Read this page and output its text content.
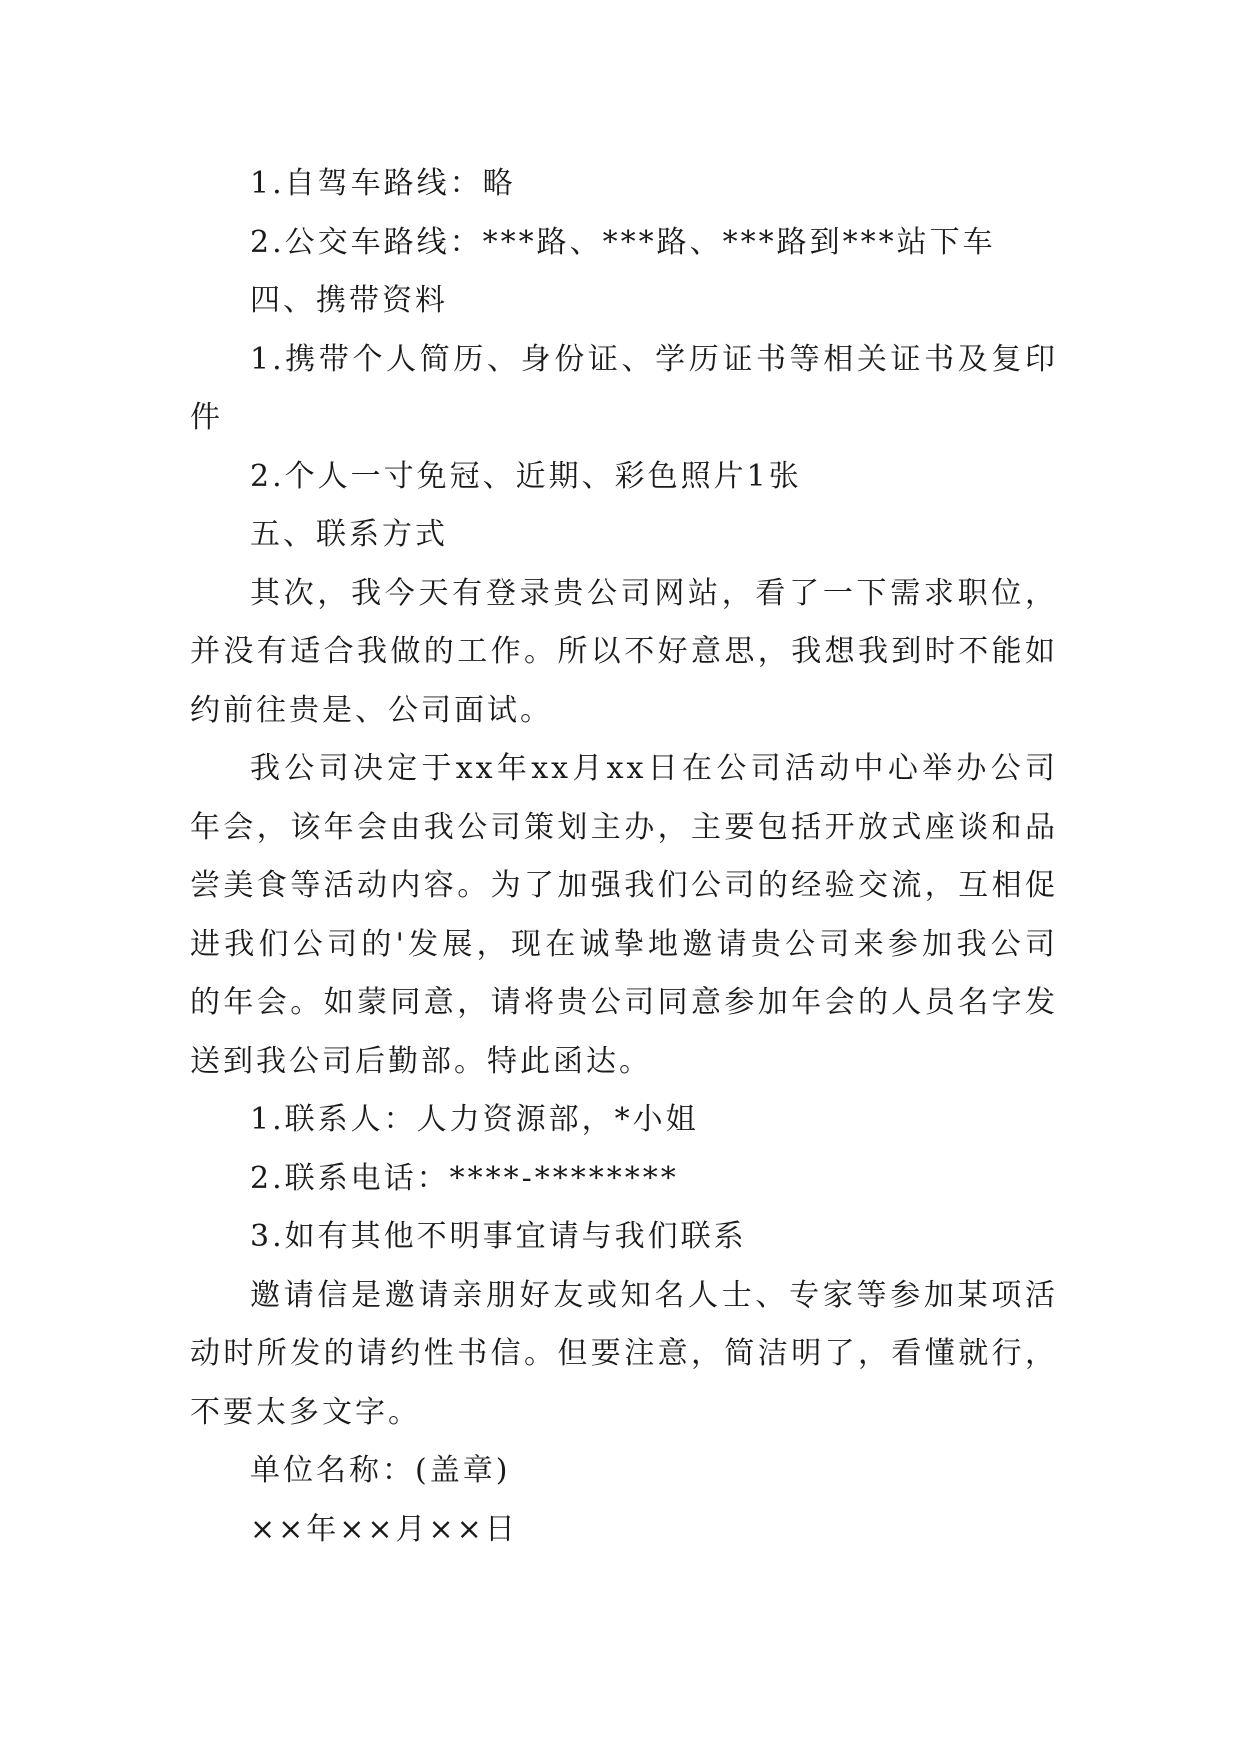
1.自驾车路线：略

2.公交车路线：***路、***路、***路到***站下车

四、携带资料

1.携带个人简历、身份证、学历证书等相关证书及复印件

2.个人一寸免冠、近期、彩色照片1张

五、联系方式

其次，我今天有登录贵公司网站，看了一下需求职位，并没有适合我做的工作。所以不好意思，我想我到时不能如约前往贵是、公司面试。

我公司决定于xx年xx月xx日在公司活动中心举办公司年会，该年会由我公司策划主办，主要包括开放式座谈和品尝美食等活动内容。为了加强我们公司的经验交流，互相促进我们公司的'发展，现在诚挚地邀请贵公司来参加我公司的年会。如蒙同意，请将贵公司同意参加年会的人员名字发送到我公司后勤部。特此函达。

1.联系人：人力资源部，*小姐

2.联系电话：****-********

3.如有其他不明事宜请与我们联系

邀请信是邀请亲朋好友或知名人士、专家等参加某项活动时所发的请约性书信。但要注意，简洁明了，看懂就行，不要太多文字。

单位名称：(盖章)

××年××月××日
